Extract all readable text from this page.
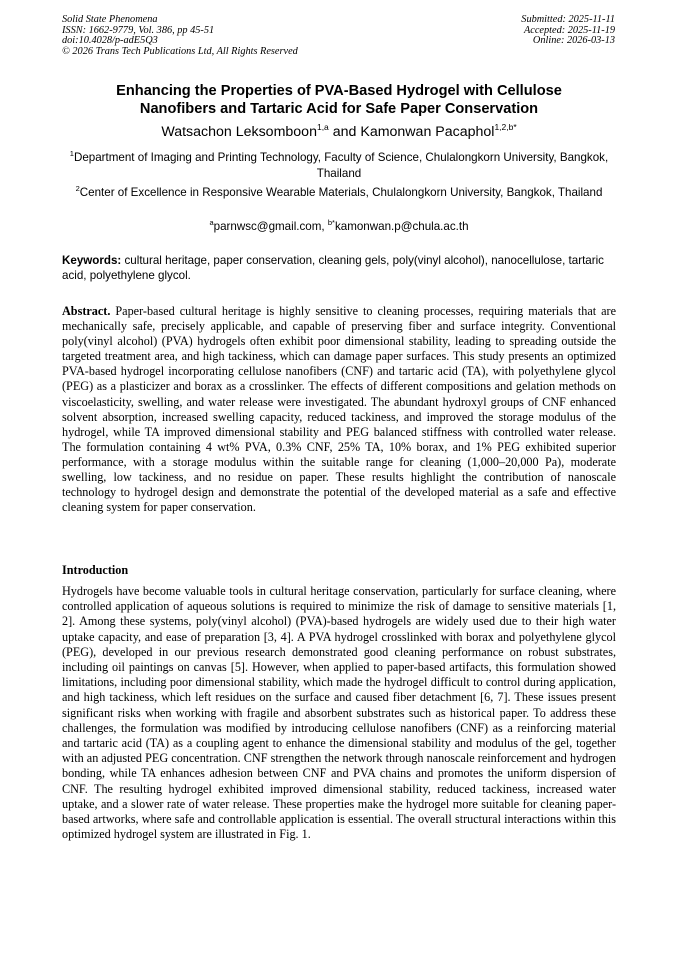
Solid State Phenomena
ISSN: 1662-9779, Vol. 386, pp 45-51
doi:10.4028/p-adE5Q3
© 2026 Trans Tech Publications Ltd, All Rights Reserved
Submitted: 2025-11-11
Accepted: 2025-11-19
Online: 2026-03-13
Enhancing the Properties of PVA-Based Hydrogel with Cellulose
Nanofibers and Tartaric Acid for Safe Paper Conservation
Watsachon Leksomboon$^{1,a}$ and Kamonwan Pacaphol$^{1,2,b*}$
$^1$Department of Imaging and Printing Technology, Faculty of Science, Chulalongkorn University, Bangkok, Thailand
$^2$Center of Excellence in Responsive Wearable Materials, Chulalongkorn University, Bangkok, Thailand
$^a$parnwsc@gmail.com, $^{b*}$kamonwan.p@chula.ac.th
Keywords: cultural heritage, paper conservation, cleaning gels, poly(vinyl alcohol), nanocellulose, tartaric acid, polyethylene glycol.
Abstract. Paper-based cultural heritage is highly sensitive to cleaning processes, requiring materials that are mechanically safe, precisely applicable, and capable of preserving fiber and surface integrity. Conventional poly(vinyl alcohol) (PVA) hydrogels often exhibit poor dimensional stability, leading to spreading outside the targeted treatment area, and high tackiness, which can damage paper surfaces. This study presents an optimized PVA-based hydrogel incorporating cellulose nanofibers (CNF) and tartaric acid (TA), with polyethylene glycol (PEG) as a plasticizer and borax as a crosslinker. The effects of different compositions and gelation methods on viscoelasticity, swelling, and water release were investigated. The abundant hydroxyl groups of CNF enhanced solvent absorption, increased swelling capacity, reduced tackiness, and improved the storage modulus of the hydrogel, while TA improved dimensional stability and PEG balanced stiffness with controlled water release. The formulation containing 4 wt% PVA, 0.3% CNF, 25% TA, 10% borax, and 1% PEG exhibited superior performance, with a storage modulus within the suitable range for cleaning (1,000–20,000 Pa), moderate swelling, low tackiness, and no residue on paper. These results highlight the contribution of nanoscale technology to hydrogel design and demonstrate the potential of the developed material as a safe and effective cleaning system for paper conservation.
Introduction
Hydrogels have become valuable tools in cultural heritage conservation, particularly for surface cleaning, where controlled application of aqueous solutions is required to minimize the risk of damage to sensitive materials [1, 2]. Among these systems, poly(vinyl alcohol) (PVA)-based hydrogels are widely used due to their high water uptake capacity, and ease of preparation [3, 4]. A PVA hydrogel crosslinked with borax and polyethylene glycol (PEG), developed in our previous research demonstrated good cleaning performance on robust substrates, including oil paintings on canvas [5]. However, when applied to paper-based artifacts, this formulation showed limitations, including poor dimensional stability, which made the hydrogel difficult to control during application, and high tackiness, which left residues on the surface and caused fiber detachment [6, 7]. These issues present significant risks when working with fragile and absorbent substrates such as historical paper. To address these challenges, the formulation was modified by introducing cellulose nanofibers (CNF) as a reinforcing material and tartaric acid (TA) as a coupling agent to enhance the dimensional stability and modulus of the gel, together with an adjusted PEG concentration. CNF strengthen the network through nanoscale reinforcement and hydrogen bonding, while TA enhances adhesion between CNF and PVA chains and promotes the uniform dispersion of CNF. The resulting hydrogel exhibited improved dimensional stability, reduced tackiness, increased water uptake, and a slower rate of water release. These properties make the hydrogel more suitable for cleaning paper-based artworks, where safe and controllable application is essential. The overall structural interactions within this optimized hydrogel system are illustrated in Fig. 1.
